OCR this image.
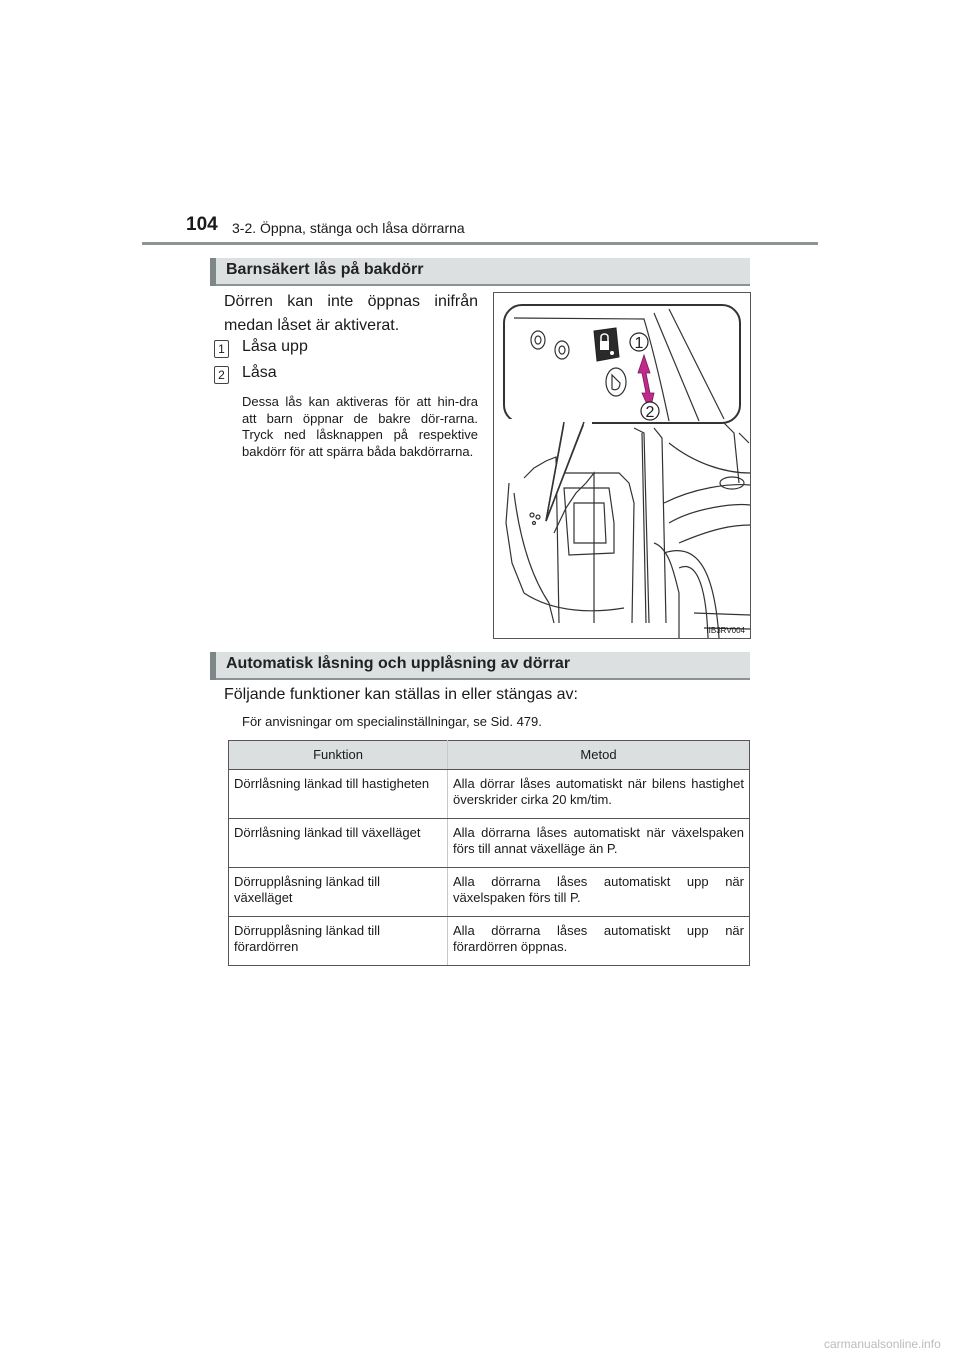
104 3-2. Öppna, stänga och låsa dörrarna
Barnsäkert lås på bakdörr
Dörren kan inte öppnas inifrån medan låset är aktiverat.
1 Låsa upp
2 Låsa
Dessa lås kan aktiveras för att hin-dra att barn öppnar de bakre dör-rarna. Tryck ned låsknappen på respektive bakdörr för att spärra båda bakdörrarna.
1
2
IIB3RV004
Automatisk låsning och upplåsning av dörrar
Följande funktioner kan ställas in eller stängas av:
För anvisningar om specialinställningar, se Sid. 479.
Funktion	Metod
Dörrlåsning länkad till hastigheten	Alla dörrar låses automatiskt när bilens hastighet överskrider cirka 20 km/tim.
Dörrlåsning länkad till växelläget	Alla dörrarna låses automatiskt när växelspaken förs till annat växelläge än P.
Dörrupplåsning länkad till växelläget	Alla dörrarna låses automatiskt upp när växelspaken förs till P.
Dörrupplåsning länkad till förardörren	Alla dörrarna låses automatiskt upp när förardörren öppnas.
carmanualsonline.info
